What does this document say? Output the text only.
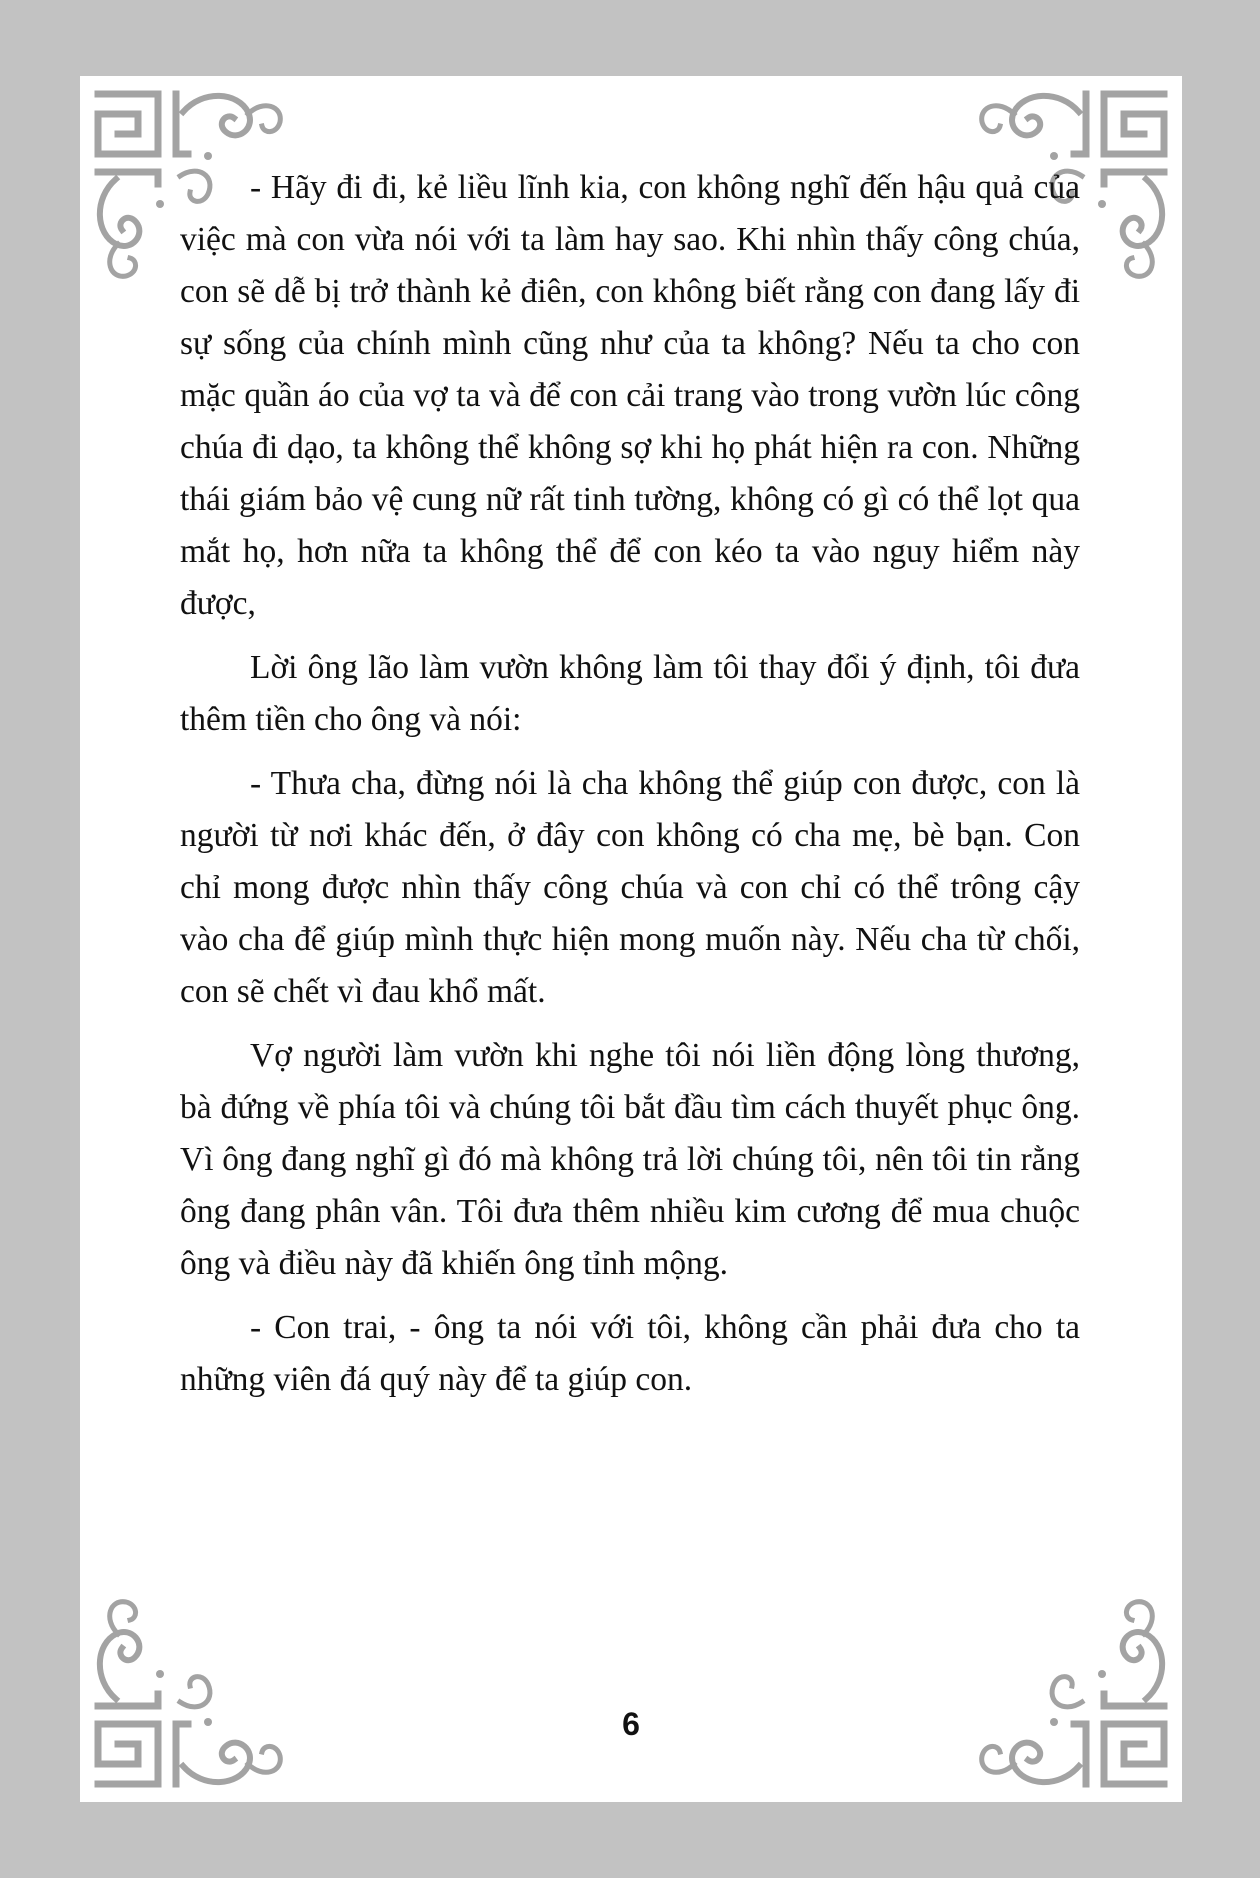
- Hãy đi đi, kẻ liều lĩnh kia, con không nghĩ đến hậu quả của việc mà con vừa nói với ta làm hay sao. Khi nhìn thấy công chúa, con sẽ dễ bị trở thành kẻ điên, con không biết rằng con đang lấy đi sự sống của chính mình cũng như của ta không? Nếu ta cho con mặc quần áo của vợ ta và để con cải trang vào trong vườn lúc công chúa đi dạo, ta không thể không sợ khi họ phát hiện ra con. Những thái giám bảo vệ cung nữ rất tinh tường, không có gì có thể lọt qua mắt họ, hơn nữa ta không thể để con kéo ta vào nguy hiểm này được,

Lời ông lão làm vườn không làm tôi thay đổi ý định, tôi đưa thêm tiền cho ông và nói:

- Thưa cha, đừng nói là cha không thể giúp con được, con là người từ nơi khác đến, ở đây con không có cha mẹ, bè bạn. Con chỉ mong được nhìn thấy công chúa và con chỉ có thể trông cậy vào cha để giúp mình thực hiện mong muốn này. Nếu cha từ chối, con sẽ chết vì đau khổ mất.

Vợ người làm vườn khi nghe tôi nói liền động lòng thương, bà đứng về phía tôi và chúng tôi bắt đầu tìm cách thuyết phục ông. Vì ông đang nghĩ gì đó mà không trả lời chúng tôi, nên tôi tin rằng ông đang phân vân. Tôi đưa thêm nhiều kim cương để mua chuộc ông và điều này đã khiến ông tỉnh mộng.

- Con trai, - ông ta nói với tôi, không cần phải đưa cho ta những viên đá quý này để ta giúp con.

6
